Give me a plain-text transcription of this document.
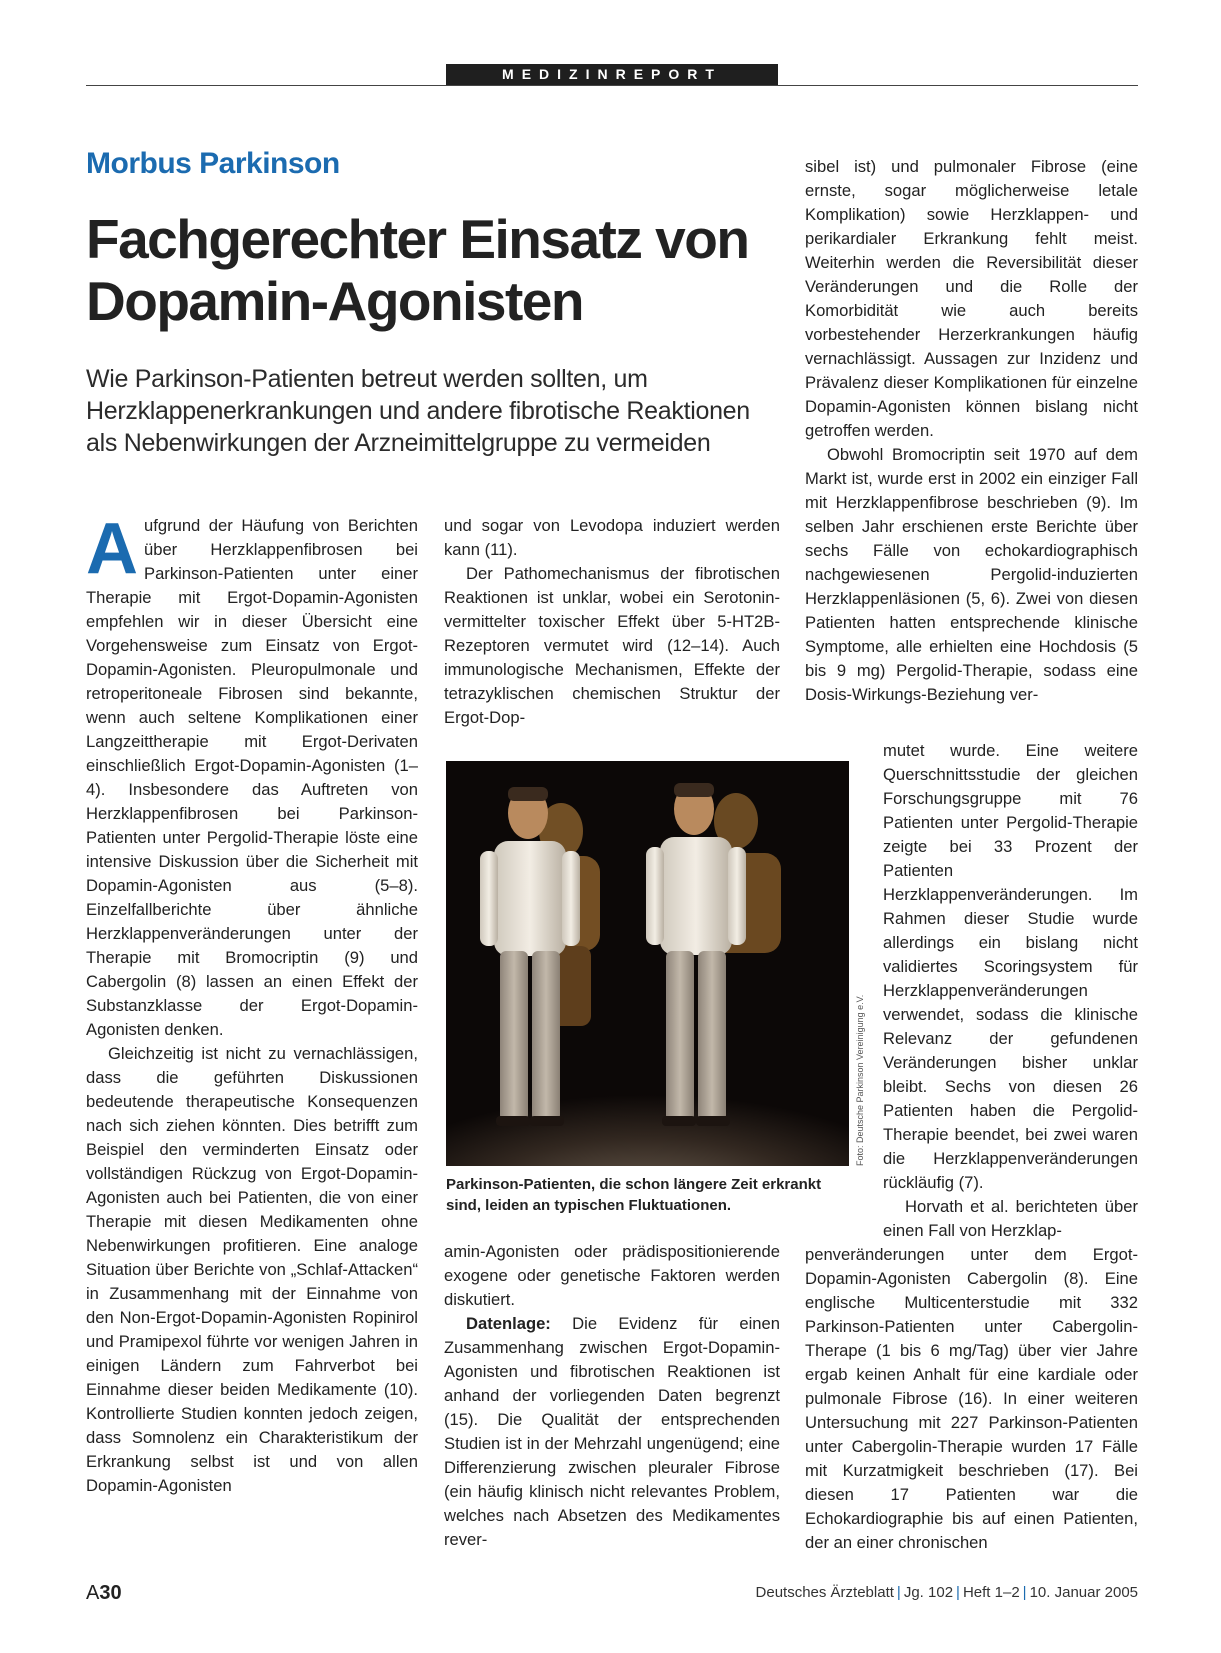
MEDIZINREPORT
Morbus Parkinson
Fachgerechter Einsatz von Dopamin-Agonisten
Wie Parkinson-Patienten betreut werden sollten, um Herzklappenerkrankungen und andere fibrotische Reaktionen als Nebenwirkungen der Arzneimittelgruppe zu vermeiden

Aufgrund der Häufung von Berichten über Herzklappenfibrosen bei Parkinson-Patienten unter einer Therapie mit Ergot-Dopamin-Agonisten empfehlen wir in dieser Übersicht eine Vorgehensweise zum Einsatz von Ergot-Dopamin-Agonisten. Pleuropulmonale und retroperitoneale Fibrosen sind bekannte, wenn auch seltene Komplikationen einer Langzeittherapie mit Ergot-Derivaten einschließlich Ergot-Dopamin-Agonisten (1–4). Insbesondere das Auftreten von Herzklappenfibrosen bei Parkinson-Patienten unter Pergolid-Therapie löste eine intensive Diskussion über die Sicherheit mit Dopamin-Agonisten aus (5–8). Einzelfallberichte über ähnliche Herzklappenveränderungen unter der Therapie mit Bromocriptin (9) und Cabergolin (8) lassen an einen Effekt der Substanzklasse der Ergot-Dopamin-Agonisten denken.

Gleichzeitig ist nicht zu vernachlässigen, dass die geführten Diskussionen bedeutende therapeutische Konsequenzen nach sich ziehen könnten. Dies betrifft zum Beispiel den verminderten Einsatz oder vollständigen Rückzug von Ergot-Dopamin-Agonisten auch bei Patienten, die von einer Therapie mit diesen Medikamenten ohne Nebenwirkungen profitieren. Eine analoge Situation über Berichte von „Schlaf-Attacken“ in Zusammenhang mit der Einnahme von den Non-Ergot-Dopamin-Agonisten Ropinirol und Pramipexol führte vor wenigen Jahren in einigen Ländern zum Fahrverbot bei Einnahme dieser beiden Medikamente (10). Kontrollierte Studien konnten jedoch zeigen, dass Somnolenz ein Charakteristikum der Erkrankung selbst ist und von allen Dopamin-Agonisten

und sogar von Levodopa induziert werden kann (11).

Der Pathomechanismus der fibrotischen Reaktionen ist unklar, wobei ein Serotonin-vermittelter toxischer Effekt über 5-HT2B-Rezeptoren vermutet wird (12–14). Auch immunologische Mechanismen, Effekte der tetrazyklischen chemischen Struktur der Ergot-Dop-

Foto: Deutsche Parkinson Vereinigung e.V.
Parkinson-Patienten, die schon längere Zeit erkrankt sind, leiden an typischen Fluktuationen.

amin-Agonisten oder prädispositionierende exogene oder genetische Faktoren werden diskutiert.

Datenlage: Die Evidenz für einen Zusammenhang zwischen Ergot-Dopamin-Agonisten und fibrotischen Reaktionen ist anhand der vorliegenden Daten begrenzt (15). Die Qualität der entsprechenden Studien ist in der Mehrzahl ungenügend; eine Differenzierung zwischen pleuraler Fibrose (ein häufig klinisch nicht relevantes Problem, welches nach Absetzen des Medikamentes rever-

sibel ist) und pulmonaler Fibrose (eine ernste, sogar möglicherweise letale Komplikation) sowie Herzklappen- und perikardialer Erkrankung fehlt meist. Weiterhin werden die Reversibilität dieser Veränderungen und die Rolle der Komorbidität wie auch bereits vorbestehender Herzerkrankungen häufig vernachlässigt. Aussagen zur Inzidenz und Prävalenz dieser Komplikationen für einzelne Dopamin-Agonisten können bislang nicht getroffen werden.

Obwohl Bromocriptin seit 1970 auf dem Markt ist, wurde erst in 2002 ein einziger Fall mit Herzklappenfibrose beschrieben (9). Im selben Jahr erschienen erste Berichte über sechs Fälle von echokardiographisch nachgewiesenen Pergolid-induzierten Herzklappenläsionen (5, 6). Zwei von diesen Patienten hatten entsprechende klinische Symptome, alle erhielten eine Hochdosis (5 bis 9 mg) Pergolid-Therapie, sodass eine Dosis-Wirkungs-Beziehung ver-

mutet wurde. Eine weitere Querschnittsstudie der gleichen Forschungsgruppe mit 76 Patienten unter Pergolid-Therapie zeigte bei 33 Prozent der Patienten Herzklappenveränderungen. Im Rahmen dieser Studie wurde allerdings ein bislang nicht validiertes Scoringsystem für Herzklappenveränderungen verwendet, sodass die klinische Relevanz der gefundenen Veränderungen bisher unklar bleibt. Sechs von diesen 26 Patienten haben die Pergolid-Therapie beendet, bei zwei waren die Herzklappenveränderungen rückläufig (7).

Horvath et al. berichteten über einen Fall von Herzklap-

penveränderungen unter dem Ergot-Dopamin-Agonisten Cabergolin (8). Eine englische Multicenterstudie mit 332 Parkinson-Patienten unter Cabergolin-Therape (1 bis 6 mg/Tag) über vier Jahre ergab keinen Anhalt für eine kardiale oder pulmonale Fibrose (16). In einer weiteren Untersuchung mit 227 Parkinson-Patienten unter Cabergolin-Therapie wurden 17 Fälle mit Kurzatmigkeit beschrieben (17). Bei diesen 17 Patienten war die Echokardiographie bis auf einen Patienten, der an einer chronischen

A30	Deutsches Ärzteblatt | Jg. 102 | Heft 1–2 | 10. Januar 2005
